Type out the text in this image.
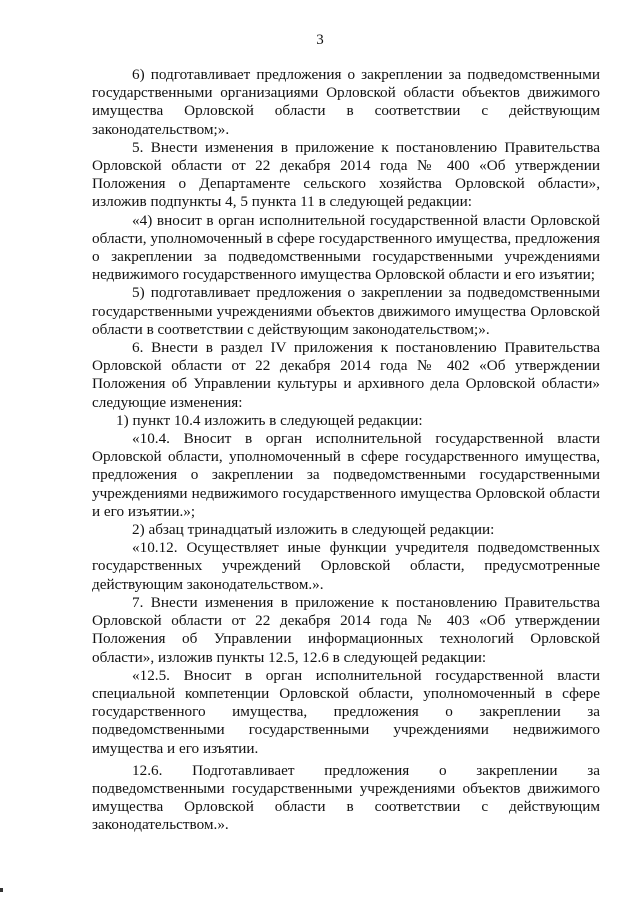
3

6) подготавливает предложения о закреплении за подведомственными государственными организациями Орловской области объектов движимого имущества Орловской области в соответствии с действующим законодательством;».

5. Внести изменения в приложение к постановлению Правительства Орловской области от 22 декабря 2014 года № 400 «Об утверждении Положения о Департаменте сельского хозяйства Орловской области», изложив подпункты 4, 5 пункта 11 в следующей редакции:

«4) вносит в орган исполнительной государственной власти Орловской области, уполномоченный в сфере государственного имущества, предложения о закреплении за подведомственными государственными учреждениями недвижимого государственного имущества Орловской области и его изъятии;

5) подготавливает предложения о закреплении за подведомственными государственными учреждениями объектов движимого имущества Орловской области в соответствии с действующим законодательством;».

6. Внести в раздел IV приложения к постановлению Правительства Орловской области от 22 декабря 2014 года № 402 «Об утверждении Положения об Управлении культуры и архивного дела Орловской области» следующие изменения:

1) пункт 10.4 изложить в следующей редакции:

«10.4. Вносит в орган исполнительной государственной власти Орловской области, уполномоченный в сфере государственного имущества, предложения о закреплении за подведомственными государственными учреждениями недвижимого государственного имущества Орловской области и его изъятии.»;

2) абзац тринадцатый изложить в следующей редакции:

«10.12. Осуществляет иные функции учредителя подведомственных государственных учреждений Орловской области, предусмотренные действующим законодательством.».

7. Внести изменения в приложение к постановлению Правительства Орловской области от 22 декабря 2014 года № 403 «Об утверждении Положения об Управлении информационных технологий Орловской области», изложив пункты 12.5, 12.6 в следующей редакции:

«12.5. Вносит в орган исполнительной государственной власти специальной компетенции Орловской области, уполномоченный в сфере государственного имущества, предложения о закреплении за подведомственными государственными учреждениями недвижимого имущества и его изъятии.

12.6. Подготавливает предложения о закреплении за подведомственными государственными учреждениями объектов движимого имущества Орловской области в соответствии с действующим законодательством.».
